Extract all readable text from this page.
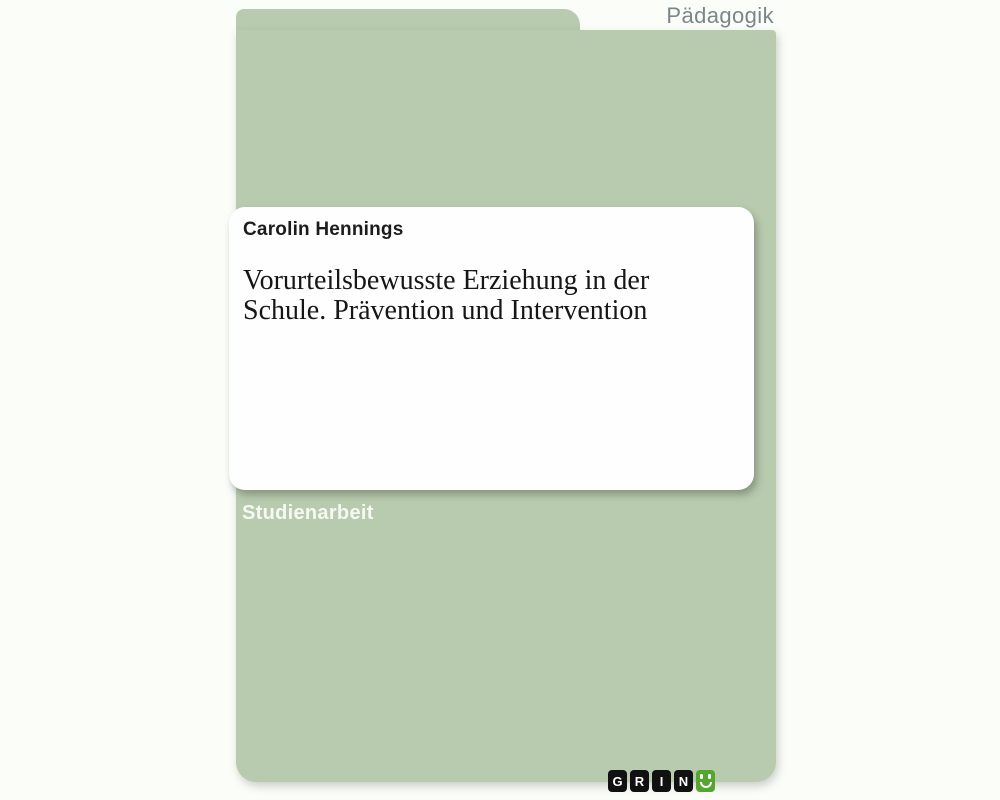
Pädagogik
Carolin Hennings
Vorurteilsbewusste Erziehung in der
Schule. Prävention und Intervention
Studienarbeit
G R	I	N
